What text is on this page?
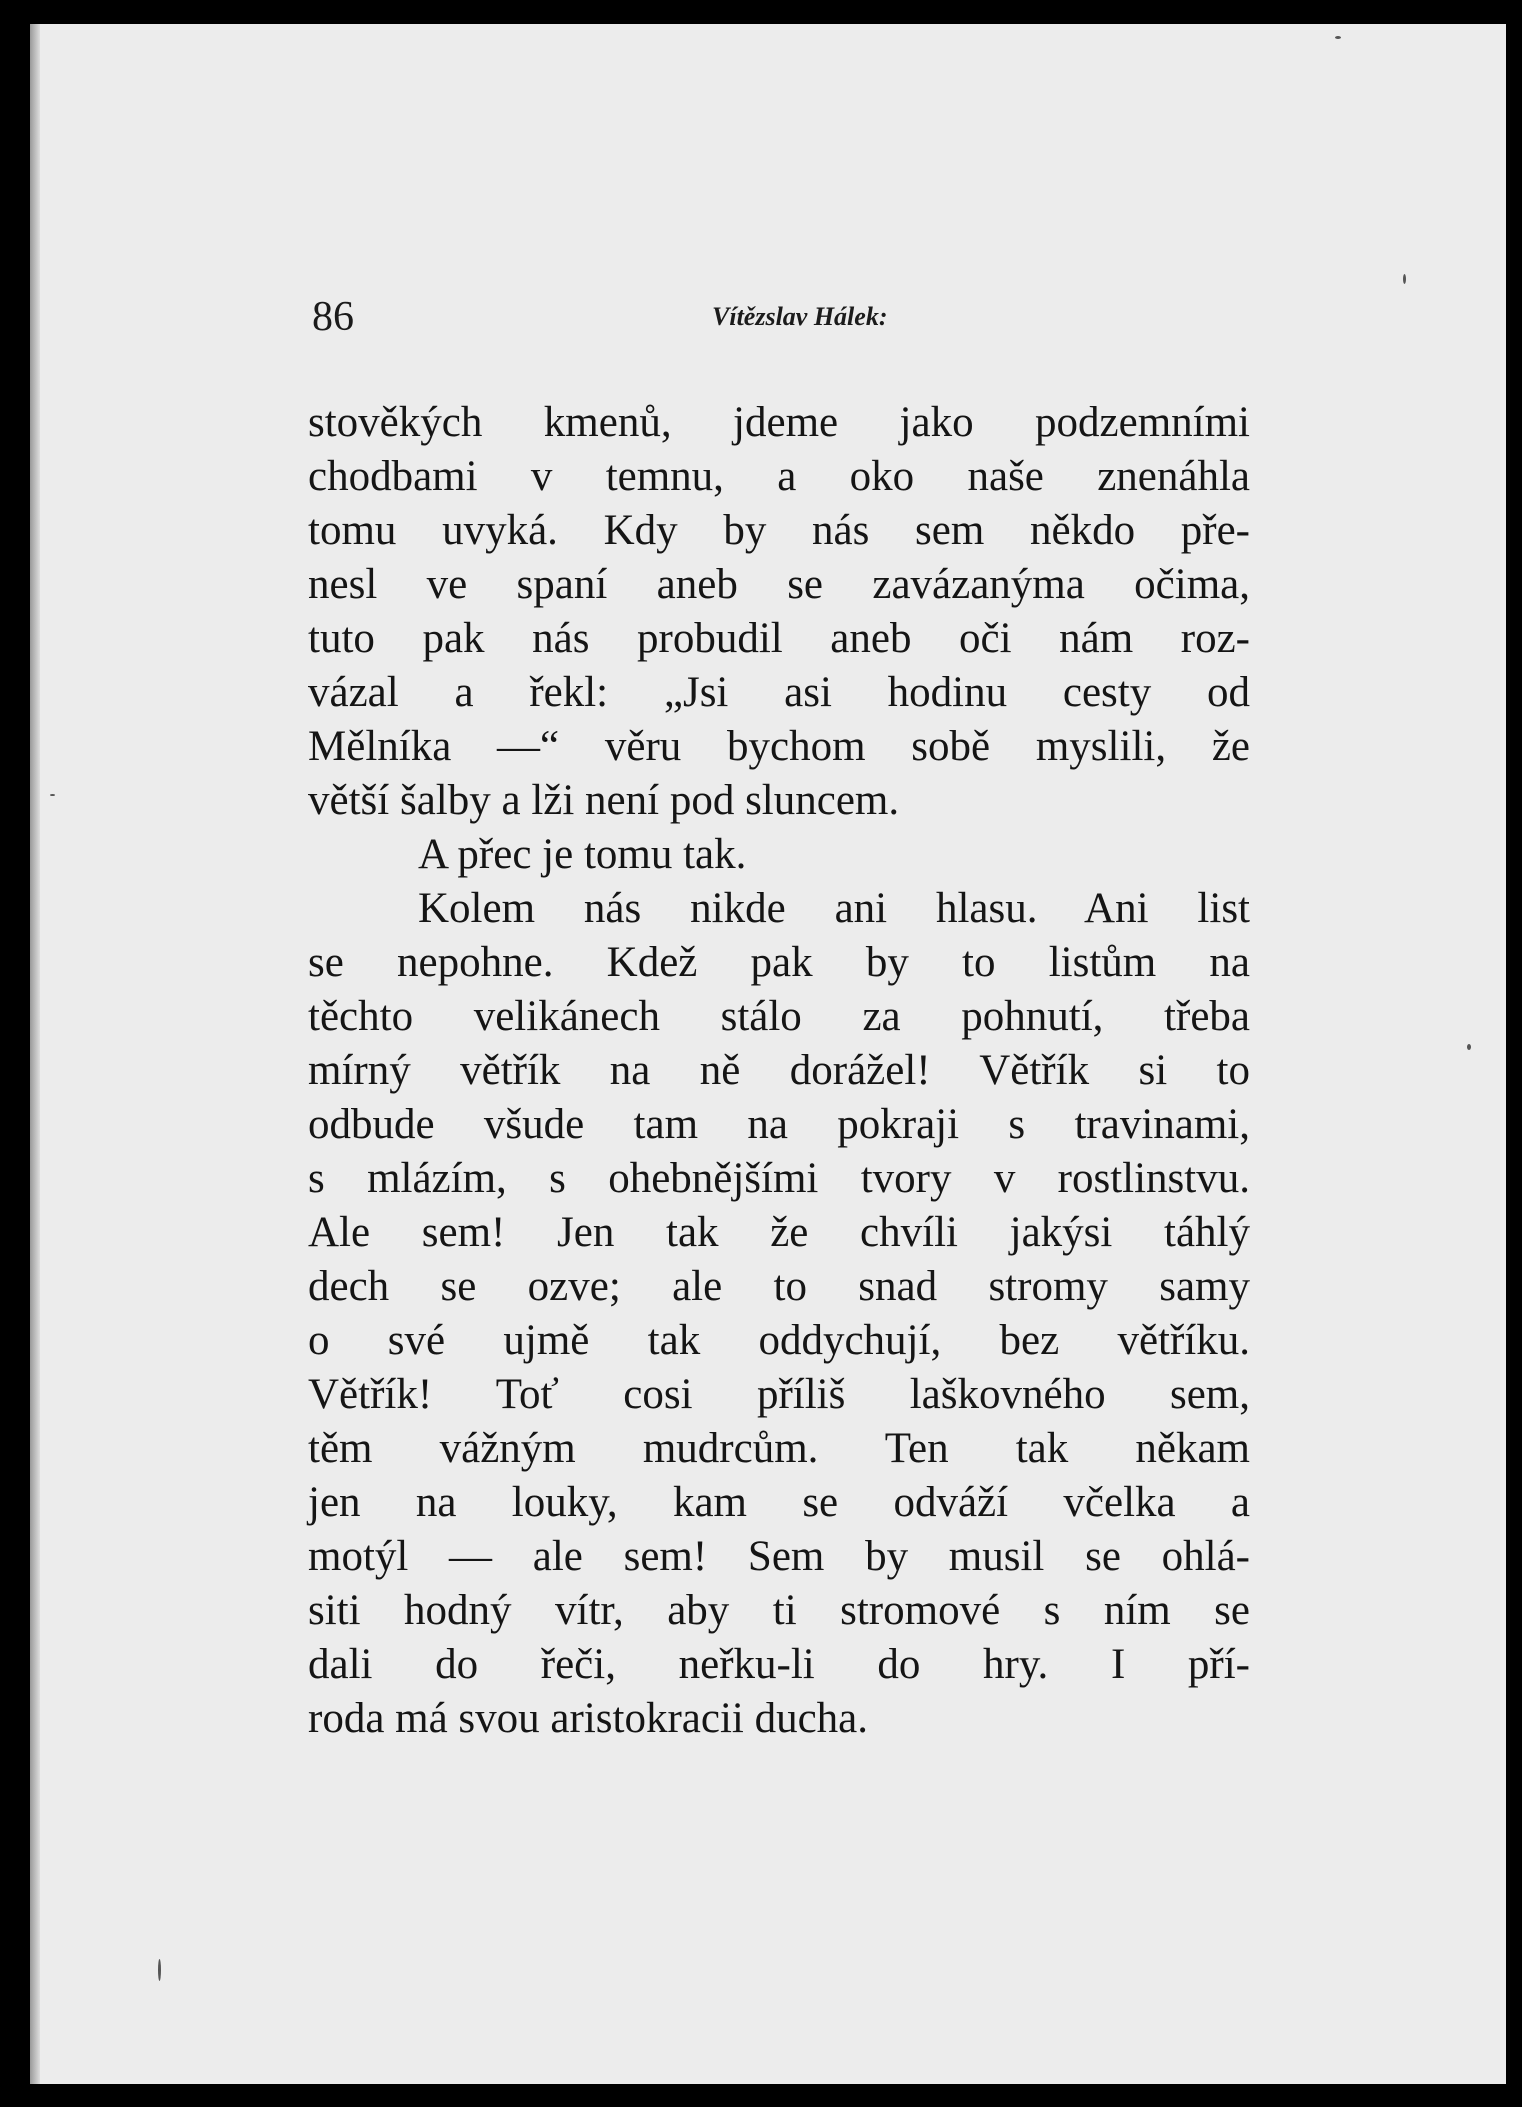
86	Vítězslav Hálek:
stověkých kmenů, jdeme jako podzemními
chodbami v temnu, a oko naše znenáhla
tomu uvyká. Kdy by nás sem někdo pře-
nesl ve spaní aneb se zavázanýma očima,
tuto pak nás probudil aneb oči nám roz-
vázal a řekl: „Jsi asi hodinu cesty od
Mělníka —“ věru bychom sobě myslili, že
větší šalby a lži není pod sluncem.
A přec je tomu tak.
Kolem nás nikde ani hlasu. Ani list
se nepohne. Kdež pak by to listům na
těchto velikánech stálo za pohnutí, třeba
mírný větřík na ně dorážel! Větřík si to
odbude všude tam na pokraji s travinami,
s mlázím, s ohebnějšími tvory v rostlinstvu.
Ale sem! Jen tak že chvíli jakýsi táhlý
dech se ozve; ale to snad stromy samy
o své ujmě tak oddychují, bez větříku.
Větřík! Toť cosi příliš laškovného sem,
těm vážným mudrcům. Ten tak někam
jen na louky, kam se odváží včelka a
motýl — ale sem! Sem by musil se ohlá-
siti hodný vítr, aby ti stromové s ním se
dali do řeči, neřku-li do hry. I pří-
roda má svou aristokracii ducha.
